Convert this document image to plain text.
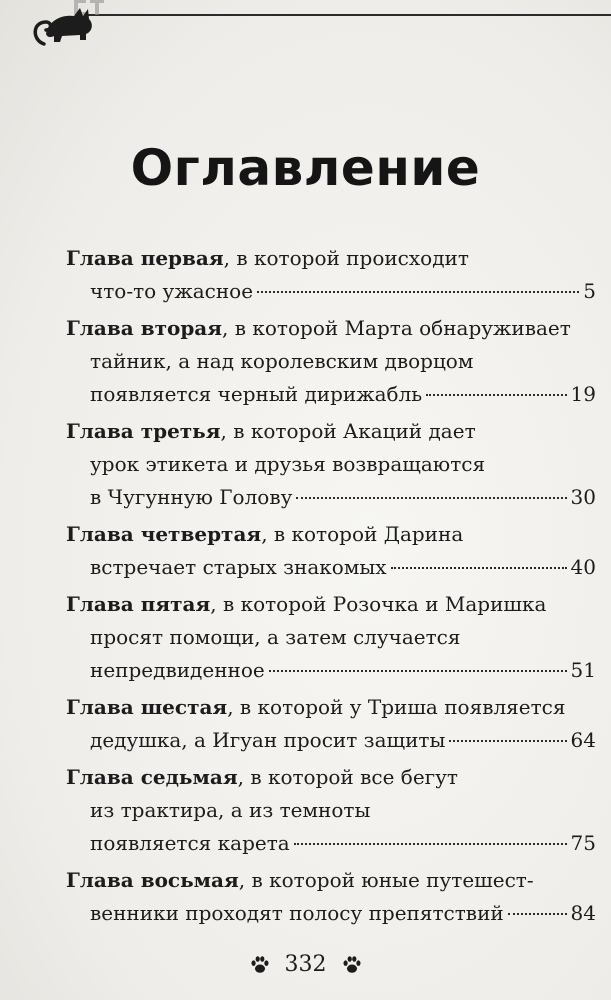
Оглавление
Глава первая , в которой происходит
что-то ужасное	5
Глава вторая , в которой Марта обнаруживает
тайник, а над королевским дворцом
появляется черный дирижабль	19
Глава третья , в которой Акаций дает
урок этикета и друзья возвращаются
в Чугунную Голову	30
Глава четвертая , в которой Дарина
встречает старых знакомых	40
Глава пятая , в которой Розочка и Маришка
просят помощи, а затем случается
непредвиденное	51
Глава шестая , в которой у Триша появляется
дедушка, а Игуан просит защиты	64
Глава седьмая , в которой все бегут
из трактира, а из темноты
появляется карета	75
Глава восьмая , в которой юные путешест-
венники проходят полосу препятствий	84
332
